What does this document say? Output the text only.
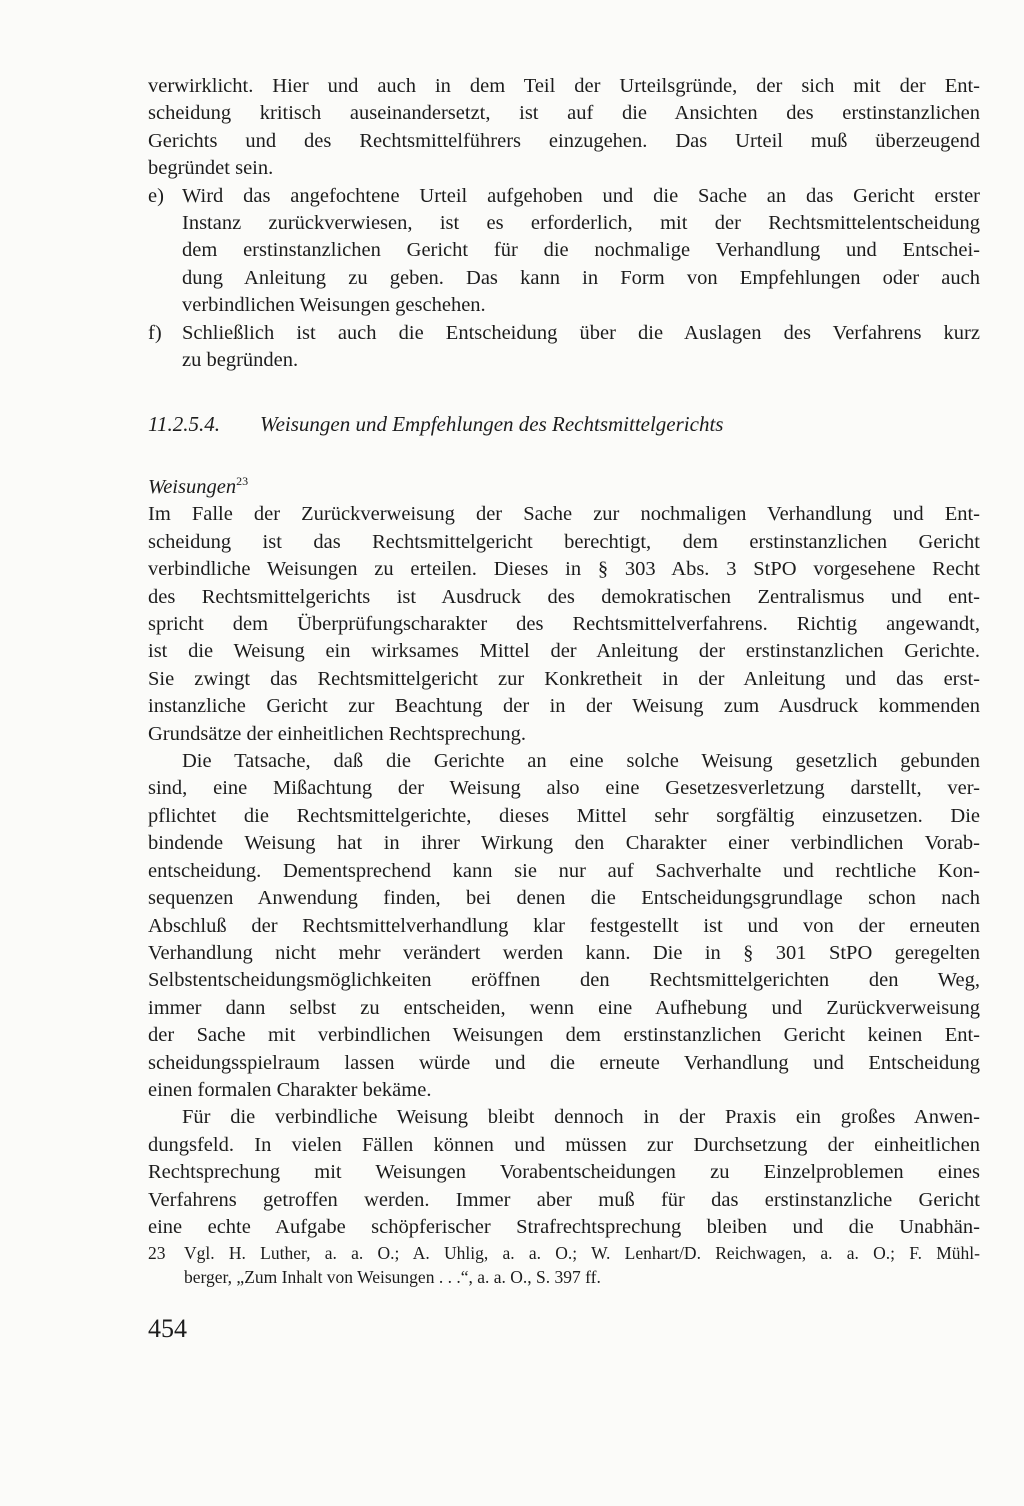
verwirklicht. Hier und auch in dem Teil der Urteilsgründe, der sich mit der Ent-
scheidung kritisch auseinandersetzt, ist auf die Ansichten des erstinstanzlichen
Gerichts und des Rechtsmittelführers einzugehen. Das Urteil muß überzeugend
begründet sein.
e) Wird das angefochtene Urteil aufgehoben und die Sache an das Gericht erster
Instanz zurückverwiesen, ist es erforderlich, mit der Rechtsmittelentscheidung
dem erstinstanzlichen Gericht für die nochmalige Verhandlung und Entschei-
dung Anleitung zu geben. Das kann in Form von Empfehlungen oder auch
verbindlichen Weisungen geschehen.
f) Schließlich ist auch die Entscheidung über die Auslagen des Verfahrens kurz
zu begründen.
11.2.5.4. Weisungen und Empfehlungen des Rechtsmittelgerichts
Weisungen$^{23}$
Im Falle der Zurückverweisung der Sache zur nochmaligen Verhandlung und Ent-
scheidung ist das Rechtsmittelgericht berechtigt, dem erstinstanzlichen Gericht
verbindliche Weisungen zu erteilen. Dieses in § 303 Abs. 3 StPO vorgesehene Recht
des Rechtsmittelgerichts ist Ausdruck des demokratischen Zentralismus und ent-
spricht dem Überprüfungscharakter des Rechtsmittelverfahrens. Richtig angewandt,
ist die Weisung ein wirksames Mittel der Anleitung der erstinstanzlichen Gerichte.
Sie zwingt das Rechtsmittelgericht zur Konkretheit in der Anleitung und das erst-
instanzliche Gericht zur Beachtung der in der Weisung zum Ausdruck kommenden
Grundsätze der einheitlichen Rechtsprechung.
Die Tatsache, daß die Gerichte an eine solche Weisung gesetzlich gebunden
sind, eine Mißachtung der Weisung also eine Gesetzesverletzung darstellt, ver-
pflichtet die Rechtsmittelgerichte, dieses Mittel sehr sorgfältig einzusetzen. Die
bindende Weisung hat in ihrer Wirkung den Charakter einer verbindlichen Vorab-
entscheidung. Dementsprechend kann sie nur auf Sachverhalte und rechtliche Kon-
sequenzen Anwendung finden, bei denen die Entscheidungsgrundlage schon nach
Abschluß der Rechtsmittelverhandlung klar festgestellt ist und von der erneuten
Verhandlung nicht mehr verändert werden kann. Die in § 301 StPO geregelten
Selbstentscheidungsmöglichkeiten eröffnen den Rechtsmittelgerichten den Weg,
immer dann selbst zu entscheiden, wenn eine Aufhebung und Zurückverweisung
der Sache mit verbindlichen Weisungen dem erstinstanzlichen Gericht keinen Ent-
scheidungsspielraum lassen würde und die erneute Verhandlung und Entscheidung
einen formalen Charakter bekäme.
Für die verbindliche Weisung bleibt dennoch in der Praxis ein großes Anwen-
dungsfeld. In vielen Fällen können und müssen zur Durchsetzung der einheitlichen
Rechtsprechung mit Weisungen Vorabentscheidungen zu Einzelproblemen eines
Verfahrens getroffen werden. Immer aber muß für das erstinstanzliche Gericht
eine echte Aufgabe schöpferischer Strafrechtsprechung bleiben und die Unabhän-
23 Vgl. H. Luther, a. a. O.; A. Uhlig, a. a. O.; W. Lenhart/D. Reichwagen, a. a. O.; F. Mühl-
berger, „Zum Inhalt von Weisungen . . .“, a. a. O., S. 397 ff.
454
